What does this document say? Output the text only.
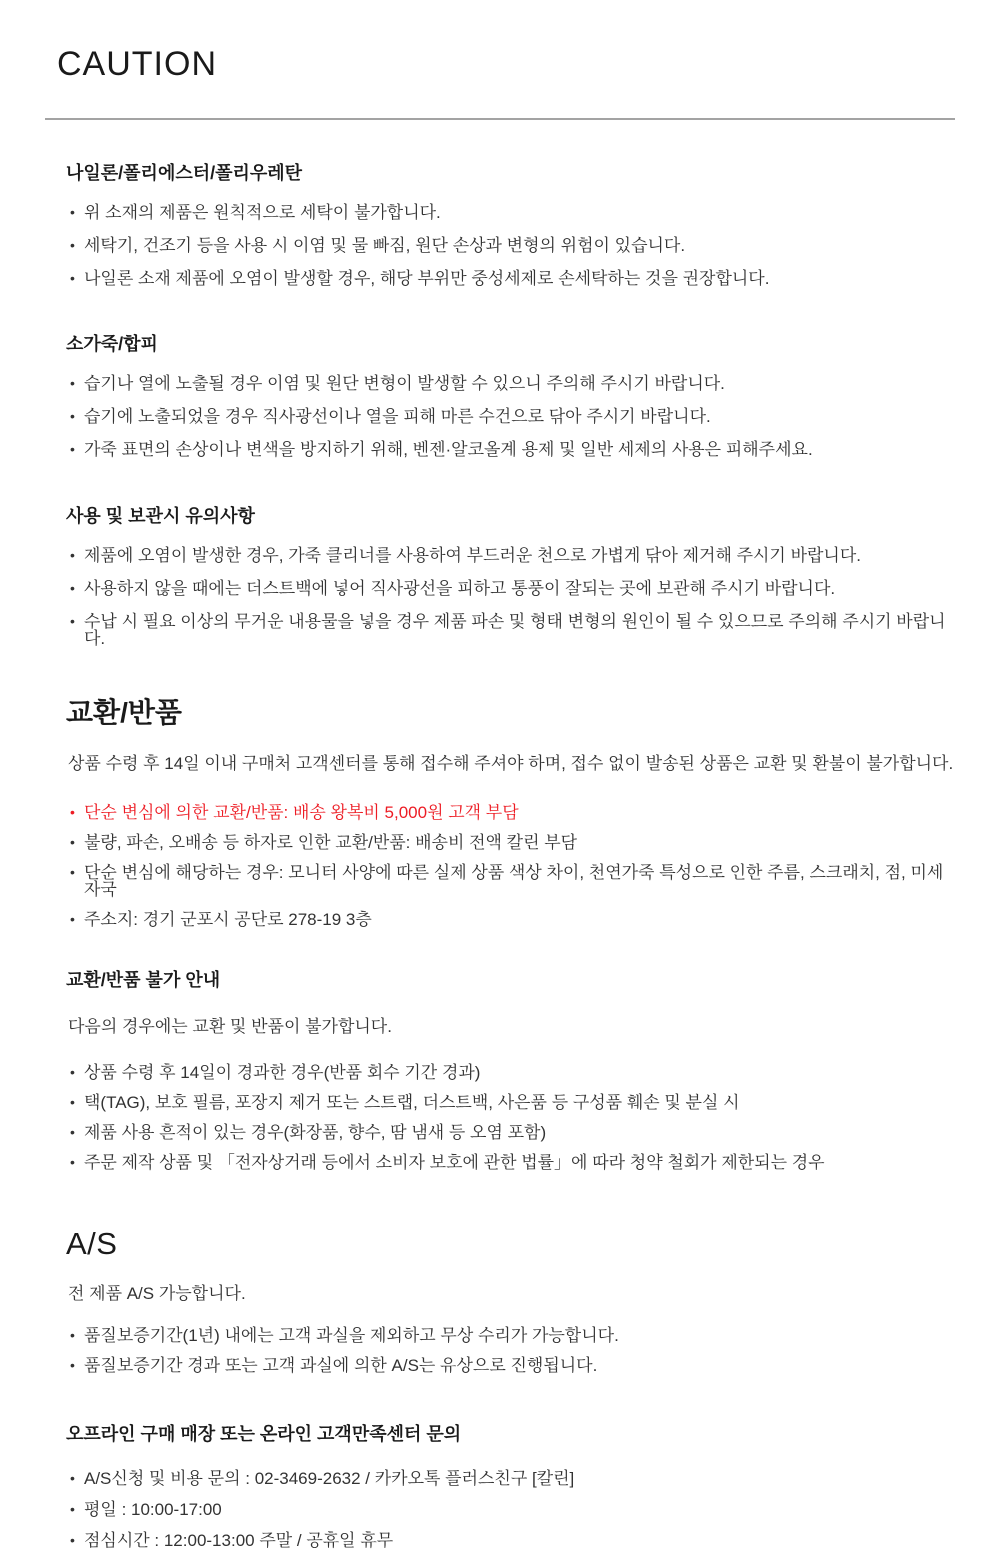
CAUTION
나일론/폴리에스터/폴리우레탄
• 위 소재의 제품은 원칙적으로 세탁이 불가합니다.
• 세탁기, 건조기 등을 사용 시 이염 및 물 빠짐, 원단 손상과 변형의 위험이 있습니다.
• 나일론 소재 제품에 오염이 발생할 경우, 해당 부위만 중성세제로 손세탁하는 것을 권장합니다.
소가죽/합피
• 습기나 열에 노출될 경우 이염 및 원단 변형이 발생할 수 있으니 주의해 주시기 바랍니다.
• 습기에 노출되었을 경우 직사광선이나 열을 피해 마른 수건으로 닦아 주시기 바랍니다.
• 가죽 표면의 손상이나 변색을 방지하기 위해, 벤젠·알코올계 용제 및 일반 세제의 사용은 피해주세요.
사용 및 보관시 유의사항
• 제품에 오염이 발생한 경우, 가죽 클리너를 사용하여 부드러운 천으로 가볍게 닦아 제거해 주시기 바랍니다.
• 사용하지 않을 때에는 더스트백에 넣어 직사광선을 피하고 통풍이 잘되는 곳에 보관해 주시기 바랍니다.
• 수납 시 필요 이상의 무거운 내용물을 넣을 경우 제품 파손 및 형태 변형의 원인이 될 수 있으므로 주의해 주시기 바랍니다.
교환/반품

상품 수령 후 14일 이내 구매처 고객센터를 통해 접수해 주셔야 하며, 접수 없이 발송된 상품은 교환 및 환불이 불가합니다.

• 단순 변심에 의한 교환/반품: 배송 왕복비 5,000원 고객 부담
• 불량, 파손, 오배송 등 하자로 인한 교환/반품: 배송비 전액 칼린 부담
• 단순 변심에 해당하는 경우: 모니터 사양에 따른 실제 상품 색상 차이, 천연가죽 특성으로 인한 주름, 스크래치, 점, 미세 자국
• 주소지: 경기 군포시 공단로 278-19 3층
교환/반품 불가 안내

다음의 경우에는 교환 및 반품이 불가합니다.

• 상품 수령 후 14일이 경과한 경우(반품 회수 기간 경과)
• 택(TAG), 보호 필름, 포장지 제거 또는 스트랩, 더스트백, 사은품 등 구성품 훼손 및 분실 시
• 제품 사용 흔적이 있는 경우(화장품, 향수, 땀 냄새 등 오염 포함)
• 주문 제작 상품 및 「전자상거래 등에서 소비자 보호에 관한 법률」에 따라 청약 철회가 제한되는 경우
A/S

전 제품 A/S 가능합니다.

• 품질보증기간(1년) 내에는 고객 과실을 제외하고 무상 수리가 가능합니다.
• 품질보증기간 경과 또는 고객 과실에 의한 A/S는 유상으로 진행됩니다.
오프라인 구매 매장 또는 온라인 고객만족센터 문의
• A/S신청 및 비용 문의 : 02-3469-2632 / 카카오톡 플러스친구 [칼린]
• 평일 : 10:00-17:00
• 점심시간 : 12:00-13:00 주말 / 공휴일 휴무
